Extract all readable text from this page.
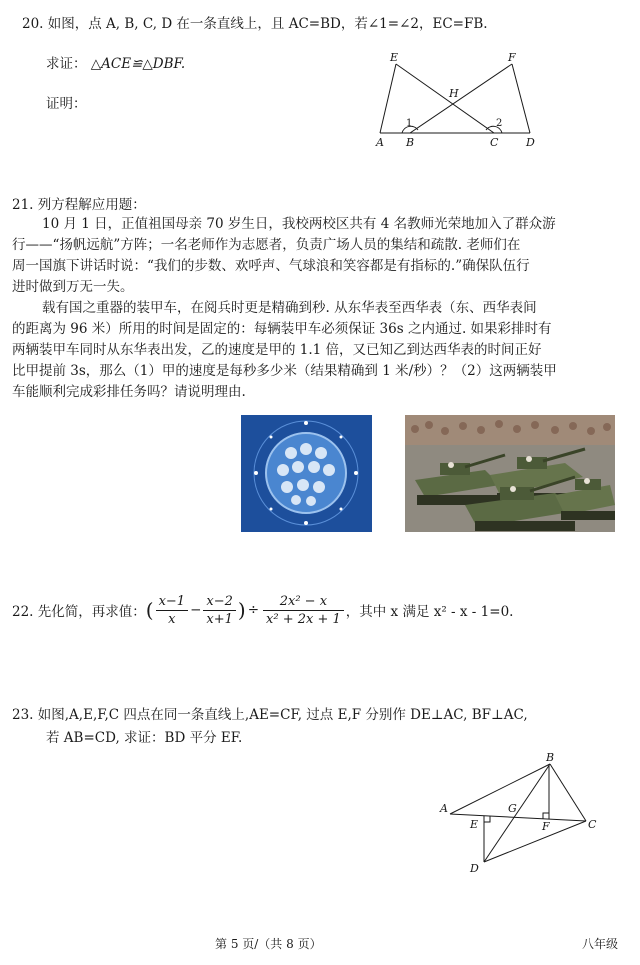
20. 如图，点 A, B, C, D 在一条直线上，且 AC=BD，若∠1=∠2，EC=FB.
求证： △ACE≌△DBF.
证明：
E	F
H
A B	C	D
1	2
21. 列方程解应用题：
10 月 1 日，正值祖国母亲 70 岁生日，我校两校区共有 4 名教师光荣地加入了群众游
行——“扬帆远航”方阵；一名老师作为志愿者，负责广场人员的集结和疏散. 老师们在
周一国旗下讲话时说：“我们的步数、欢呼声、气球浪和笑容都是有指标的.”确保队伍行
进时做到万无一失。
载有国之重器的装甲车，在阅兵时更是精确到秒. 从东华表至西华表（东、西华表间
的距离为 96 米）所用的时间是固定的：每辆装甲车必须保证 36s 之内通过. 如果彩排时有
两辆装甲车同时从东华表出发，乙的速度是甲的 1.1 倍，又已知乙到达西华表的时间正好
比甲提前 3s，那么（1）甲的速度是每秒多少米（结果精确到 1 米/秒）？（2）这两辆装甲
车能顺利完成彩排任务吗？请说明理由.
22. 先化简，再求值： ( $\frac{x-1}{x} - \frac{x-2}{x+1}$ ) ÷ $\frac{\text{2x² − x}}{\text{x² + 2x + 1}}$ ，其中 x 满足 x² - x - 1=0.
23. 如图,A,E,F,C 四点在同一条直线上,AE=CF, 过点 E,F 分别作 DE⊥AC, BF⊥AC,
若 AB=CD, 求证：BD 平分 EF.
A
B
C
D
E	F
G
第 5 页/（共 8 页）	八年级
